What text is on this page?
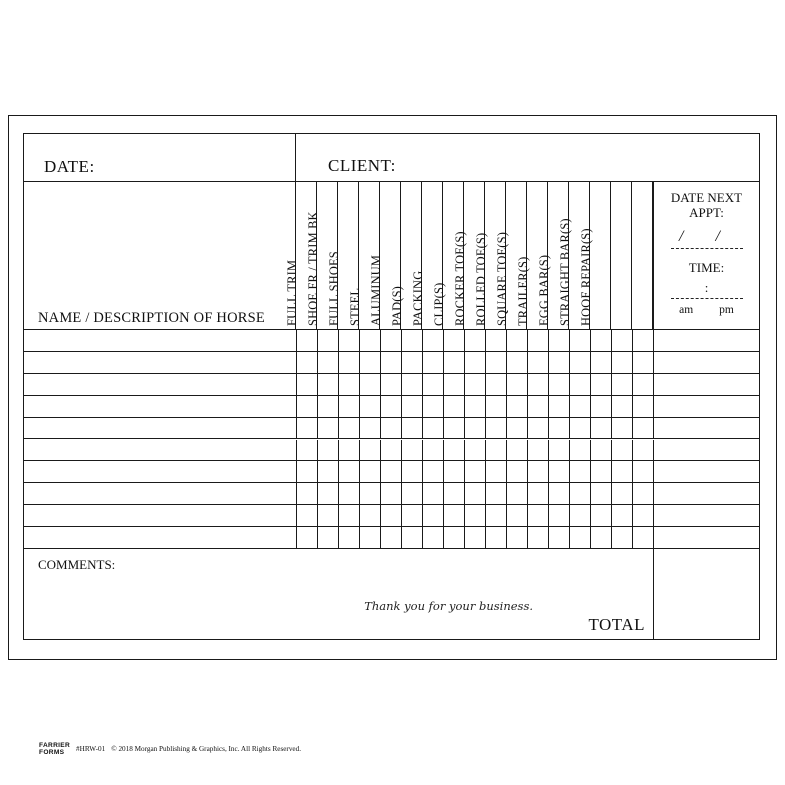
DATE:	CLIENT:
NAME / DESCRIPTION OF HORSE FULL TRIM SHOE FR / TRIM BK FULL SHOES STEEL ALUMINUM PAD(S) PACKING CLIP(S) ROCKER TOE(S) ROLLED TOE(S) SQUARE TOE(S) TRAILER(S) EGG BAR(S) STRAIGHT BAR(S) HOOF REPAIR(S)
DATE NEXT
APPT:
/ /
TIME:
:
am pm
COMMENTS:
Thank you for your business.
TOTAL
FARRIER
FORMS	#HRW-01 © 2018 Morgan Publishing & Graphics, Inc. All Rights Reserved.
